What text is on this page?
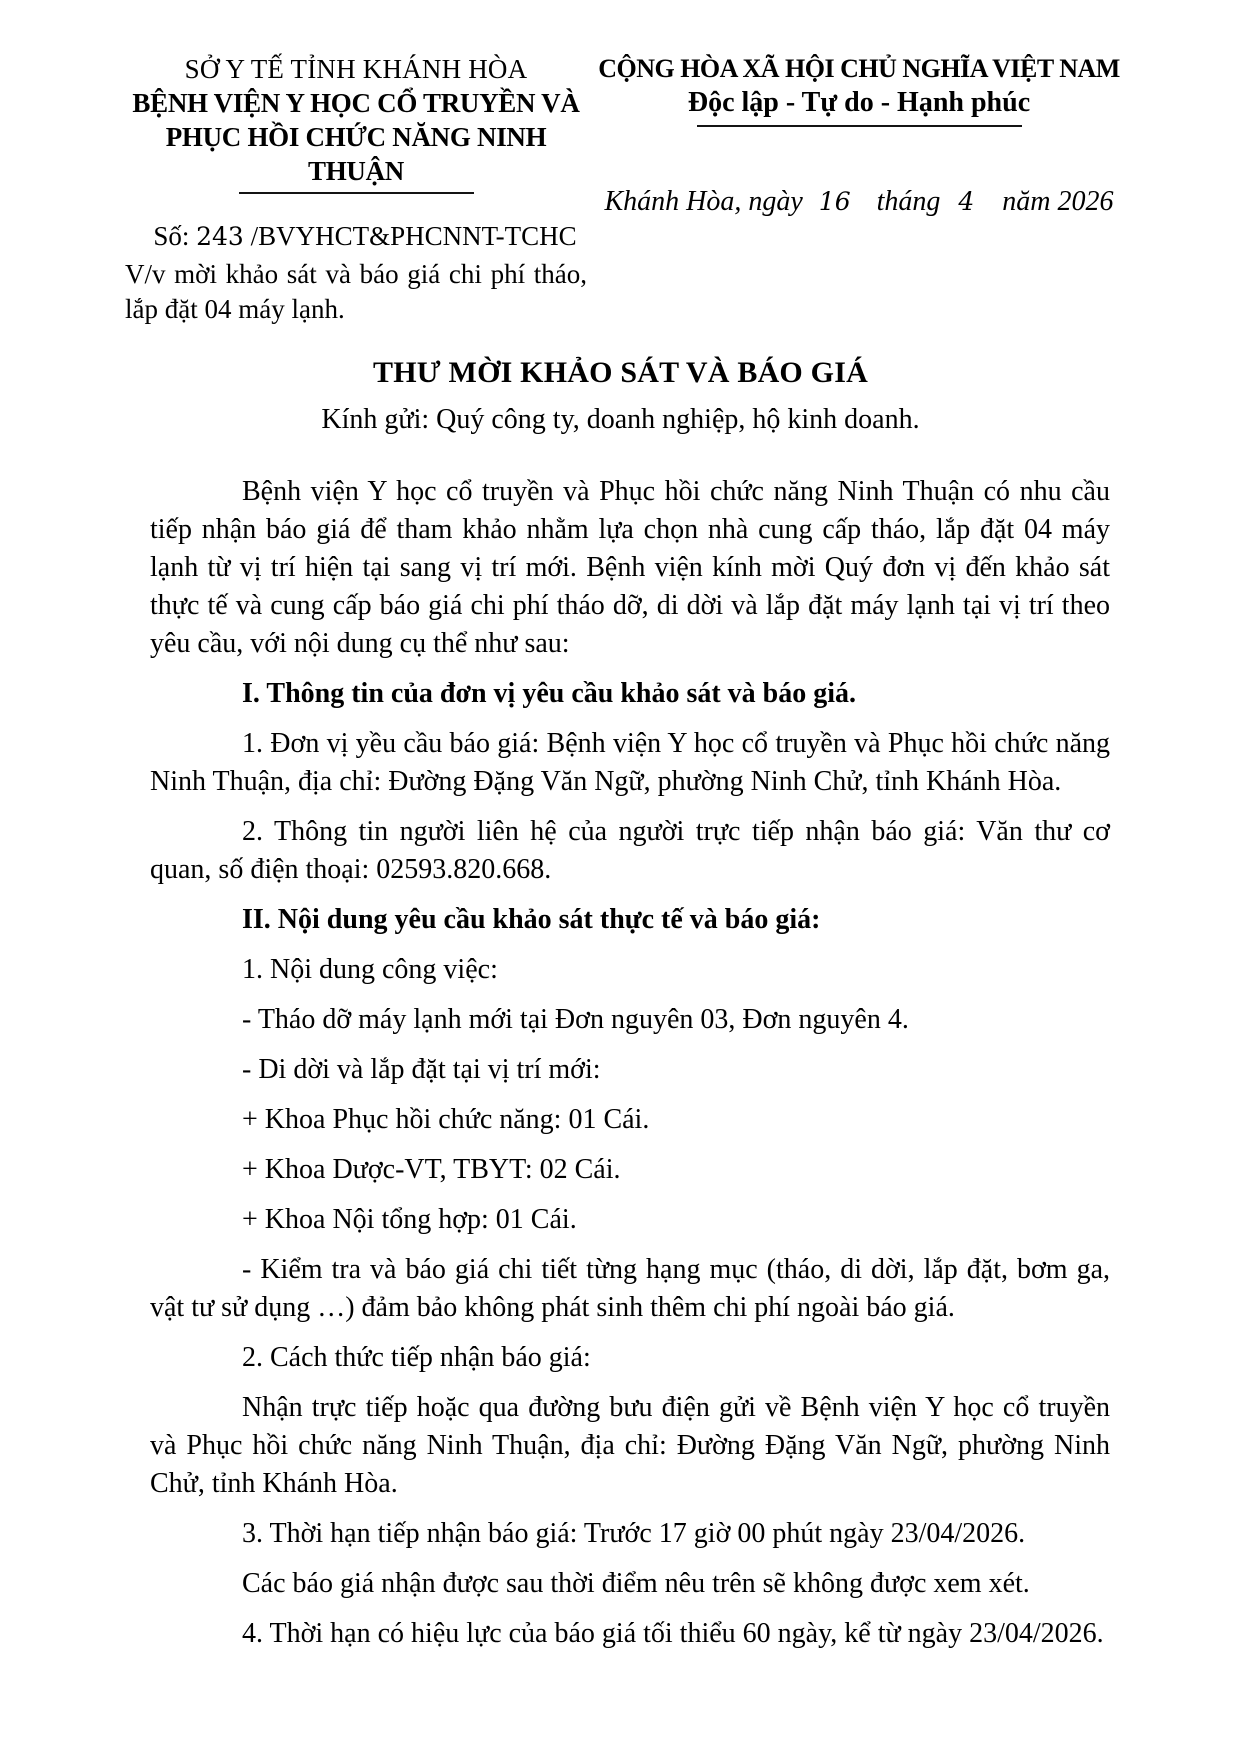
SỞ Y TẾ TỈNH KHÁNH HÒA
BỆNH VIỆN Y HỌC CỔ TRUYỀN VÀ
PHỤC HỒI CHỨC NĂNG NINH THUẬN
Số: 243 /BVYHCT&PHCNNT-TCHC
V/v mời khảo sát và báo giá chi phí tháo,
lắp đặt 04 máy lạnh.
CỘNG HÒA XÃ HỘI CHỦ NGHĨA VIỆT NAM
Độc lập - Tự do - Hạnh phúc
Khánh Hòa, ngày 16 tháng 4 năm 2026
THƯ MỜI KHẢO SÁT VÀ BÁO GIÁ
Kính gửi: Quý công ty, doanh nghiệp, hộ kinh doanh.

Bệnh viện Y học cổ truyền và Phục hồi chức năng Ninh Thuận có nhu cầu tiếp nhận báo giá để tham khảo nhằm lựa chọn nhà cung cấp tháo, lắp đặt 04 máy lạnh từ vị trí hiện tại sang vị trí mới. Bệnh viện kính mời Quý đơn vị đến khảo sát thực tế và cung cấp báo giá chi phí tháo dỡ, di dời và lắp đặt máy lạnh tại vị trí theo yêu cầu, với nội dung cụ thể như sau:

I. Thông tin của đơn vị yêu cầu khảo sát và báo giá.

1. Đơn vị yều cầu báo giá: Bệnh viện Y học cổ truyền và Phục hồi chức năng Ninh Thuận, địa chỉ: Đường Đặng Văn Ngữ, phường Ninh Chử, tỉnh Khánh Hòa.

2. Thông tin người liên hệ của người trực tiếp nhận báo giá: Văn thư cơ quan, số điện thoại: 02593.820.668.

II. Nội dung yêu cầu khảo sát thực tế và báo giá:

1. Nội dung công việc:

- Tháo dỡ máy lạnh mới tại Đơn nguyên 03, Đơn nguyên 4.

- Di dời và lắp đặt tại vị trí mới:

+ Khoa Phục hồi chức năng: 01 Cái.

+ Khoa Dược-VT, TBYT: 02 Cái.

+ Khoa Nội tổng hợp: 01 Cái.

- Kiểm tra và báo giá chi tiết từng hạng mục (tháo, di dời, lắp đặt, bơm ga, vật tư sử dụng …) đảm bảo không phát sinh thêm chi phí ngoài báo giá.

2. Cách thức tiếp nhận báo giá:

Nhận trực tiếp hoặc qua đường bưu điện gửi về Bệnh viện Y học cổ truyền và Phục hồi chức năng Ninh Thuận, địa chỉ: Đường Đặng Văn Ngữ, phường Ninh Chử, tỉnh Khánh Hòa.

3. Thời hạn tiếp nhận báo giá: Trước 17 giờ 00 phút ngày 23/04/2026.

Các báo giá nhận được sau thời điểm nêu trên sẽ không được xem xét.

4. Thời hạn có hiệu lực của báo giá tối thiểu 60 ngày, kể từ ngày 23/04/2026.
